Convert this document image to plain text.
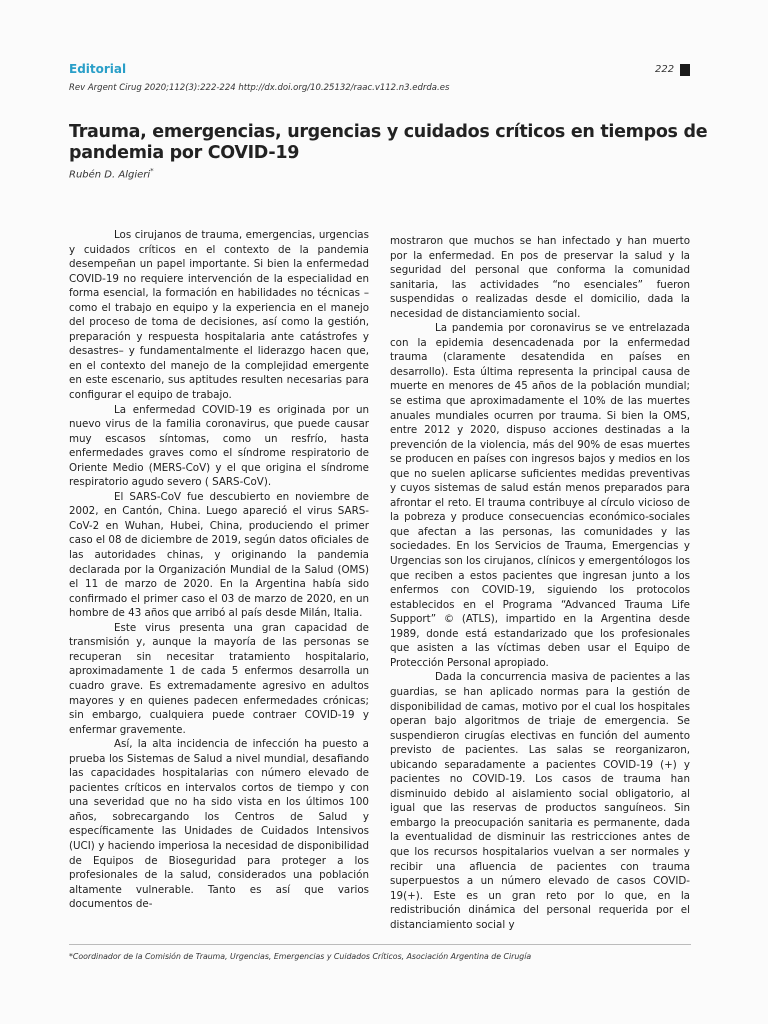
Editorial
Rev Argent Cirug 2020;112(3):222-224 http://dx.doi.org/10.25132/raac.v112.n3.edrda.es
222
Trauma, emergencias, urgencias y cuidados críticos en tiempos de pandemia por COVID-19
Rubén D. Algieri*

Los cirujanos de trauma, emergencias, urgencias y cuidados críticos en el contexto de la pandemia desempeñan un papel importante. Si bien la enfermedad COVID-19 no requiere intervención de la especialidad en forma esencial, la formación en habilidades no técnicas –como el trabajo en equipo y la experiencia en el manejo del proceso de toma de decisiones, así como la gestión, preparación y respuesta hospitalaria ante catástrofes y desastres– y fundamentalmente el liderazgo hacen que, en el contexto del manejo de la complejidad emergente en este escenario, sus aptitudes resulten necesarias para configurar el equipo de trabajo.

La enfermedad COVID-19 es originada por un nuevo virus de la familia coronavirus, que puede causar muy escasos síntomas, como un resfrío, hasta enfermedades graves como el síndrome respiratorio de Oriente Medio (MERS-CoV) y el que origina el síndrome respiratorio agudo severo ( SARS-CoV).

El SARS-CoV fue descubierto en noviembre de 2002, en Cantón, China. Luego apareció el virus SARS-CoV-2 en Wuhan, Hubei, China, produciendo el primer caso el 08 de diciembre de 2019, según datos oficiales de las autoridades chinas, y originando la pandemia declarada por la Organización Mundial de la Salud (OMS) el 11 de marzo de 2020. En la Argentina había sido confirmado el primer caso el 03 de marzo de 2020, en un hombre de 43 años que arribó al país desde Milán, Italia.

Este virus presenta una gran capacidad de transmisión y, aunque la mayoría de las personas se recuperan sin necesitar tratamiento hospitalario, aproximadamente 1 de cada 5 enfermos desarrolla un cuadro grave. Es extremadamente agresivo en adultos mayores y en quienes padecen enfermedades crónicas; sin embargo, cualquiera puede contraer COVID-19 y enfermar gravemente.

Así, la alta incidencia de infección ha puesto a prueba los Sistemas de Salud a nivel mundial, desafiando las capacidades hospitalarias con número elevado de pacientes críticos en intervalos cortos de tiempo y con una severidad que no ha sido vista en los últimos 100 años, sobrecargando los Centros de Salud y específicamente las Unidades de Cuidados Intensivos (UCI) y haciendo imperiosa la necesidad de disponibilidad de Equipos de Bioseguridad para proteger a los profesionales de la salud, considerados una población altamente vulnerable. Tanto es así que varios documentos de-

mostraron que muchos se han infectado y han muerto por la enfermedad. En pos de preservar la salud y la seguridad del personal que conforma la comunidad sanitaria, las actividades “no esenciales” fueron suspendidas o realizadas desde el domicilio, dada la necesidad de distanciamiento social.

La pandemia por coronavirus se ve entrelazada con la epidemia desencadenada por la enfermedad trauma (claramente desatendida en países en desarrollo). Esta última representa la principal causa de muerte en menores de 45 años de la población mundial; se estima que aproximadamente el 10% de las muertes anuales mundiales ocurren por trauma. Si bien la OMS, entre 2012 y 2020, dispuso acciones destinadas a la prevención de la violencia, más del 90% de esas muertes se producen en países con ingresos bajos y medios en los que no suelen aplicarse suficientes medidas preventivas y cuyos sistemas de salud están menos preparados para afrontar el reto. El trauma contribuye al círculo vicioso de la pobreza y produce consecuencias económico-sociales que afectan a las personas, las comunidades y las sociedades. En los Servicios de Trauma, Emergencias y Urgencias son los cirujanos, clínicos y emergentólogos los que reciben a estos pacientes que ingresan junto a los enfermos con COVID-19, siguiendo los protocolos establecidos en el Programa “Advanced Trauma Life Support” © (ATLS), impartido en la Argentina desde 1989, donde está estandarizado que los profesionales que asisten a las víctimas deben usar el Equipo de Protección Personal apropiado.

Dada la concurrencia masiva de pacientes a las guardias, se han aplicado normas para la gestión de disponibilidad de camas, motivo por el cual los hospitales operan bajo algoritmos de triaje de emergencia. Se suspendieron cirugías electivas en función del aumento previsto de pacientes. Las salas se reorganizaron, ubicando separadamente a pacientes COVID-19 (+) y pacientes no COVID-19. Los casos de trauma han disminuido debido al aislamiento social obligatorio, al igual que las reservas de productos sanguíneos. Sin embargo la preocupación sanitaria es permanente, dada la eventualidad de disminuir las restricciones antes de que los recursos hospitalarios vuelvan a ser normales y recibir una afluencia de pacientes con trauma superpuestos a un número elevado de casos COVID-19(+). Este es un gran reto por lo que, en la redistribución dinámica del personal requerida por el distanciamiento social y

*Coordinador de la Comisión de Trauma, Urgencias, Emergencias y Cuidados Críticos, Asociación Argentina de Cirugía
